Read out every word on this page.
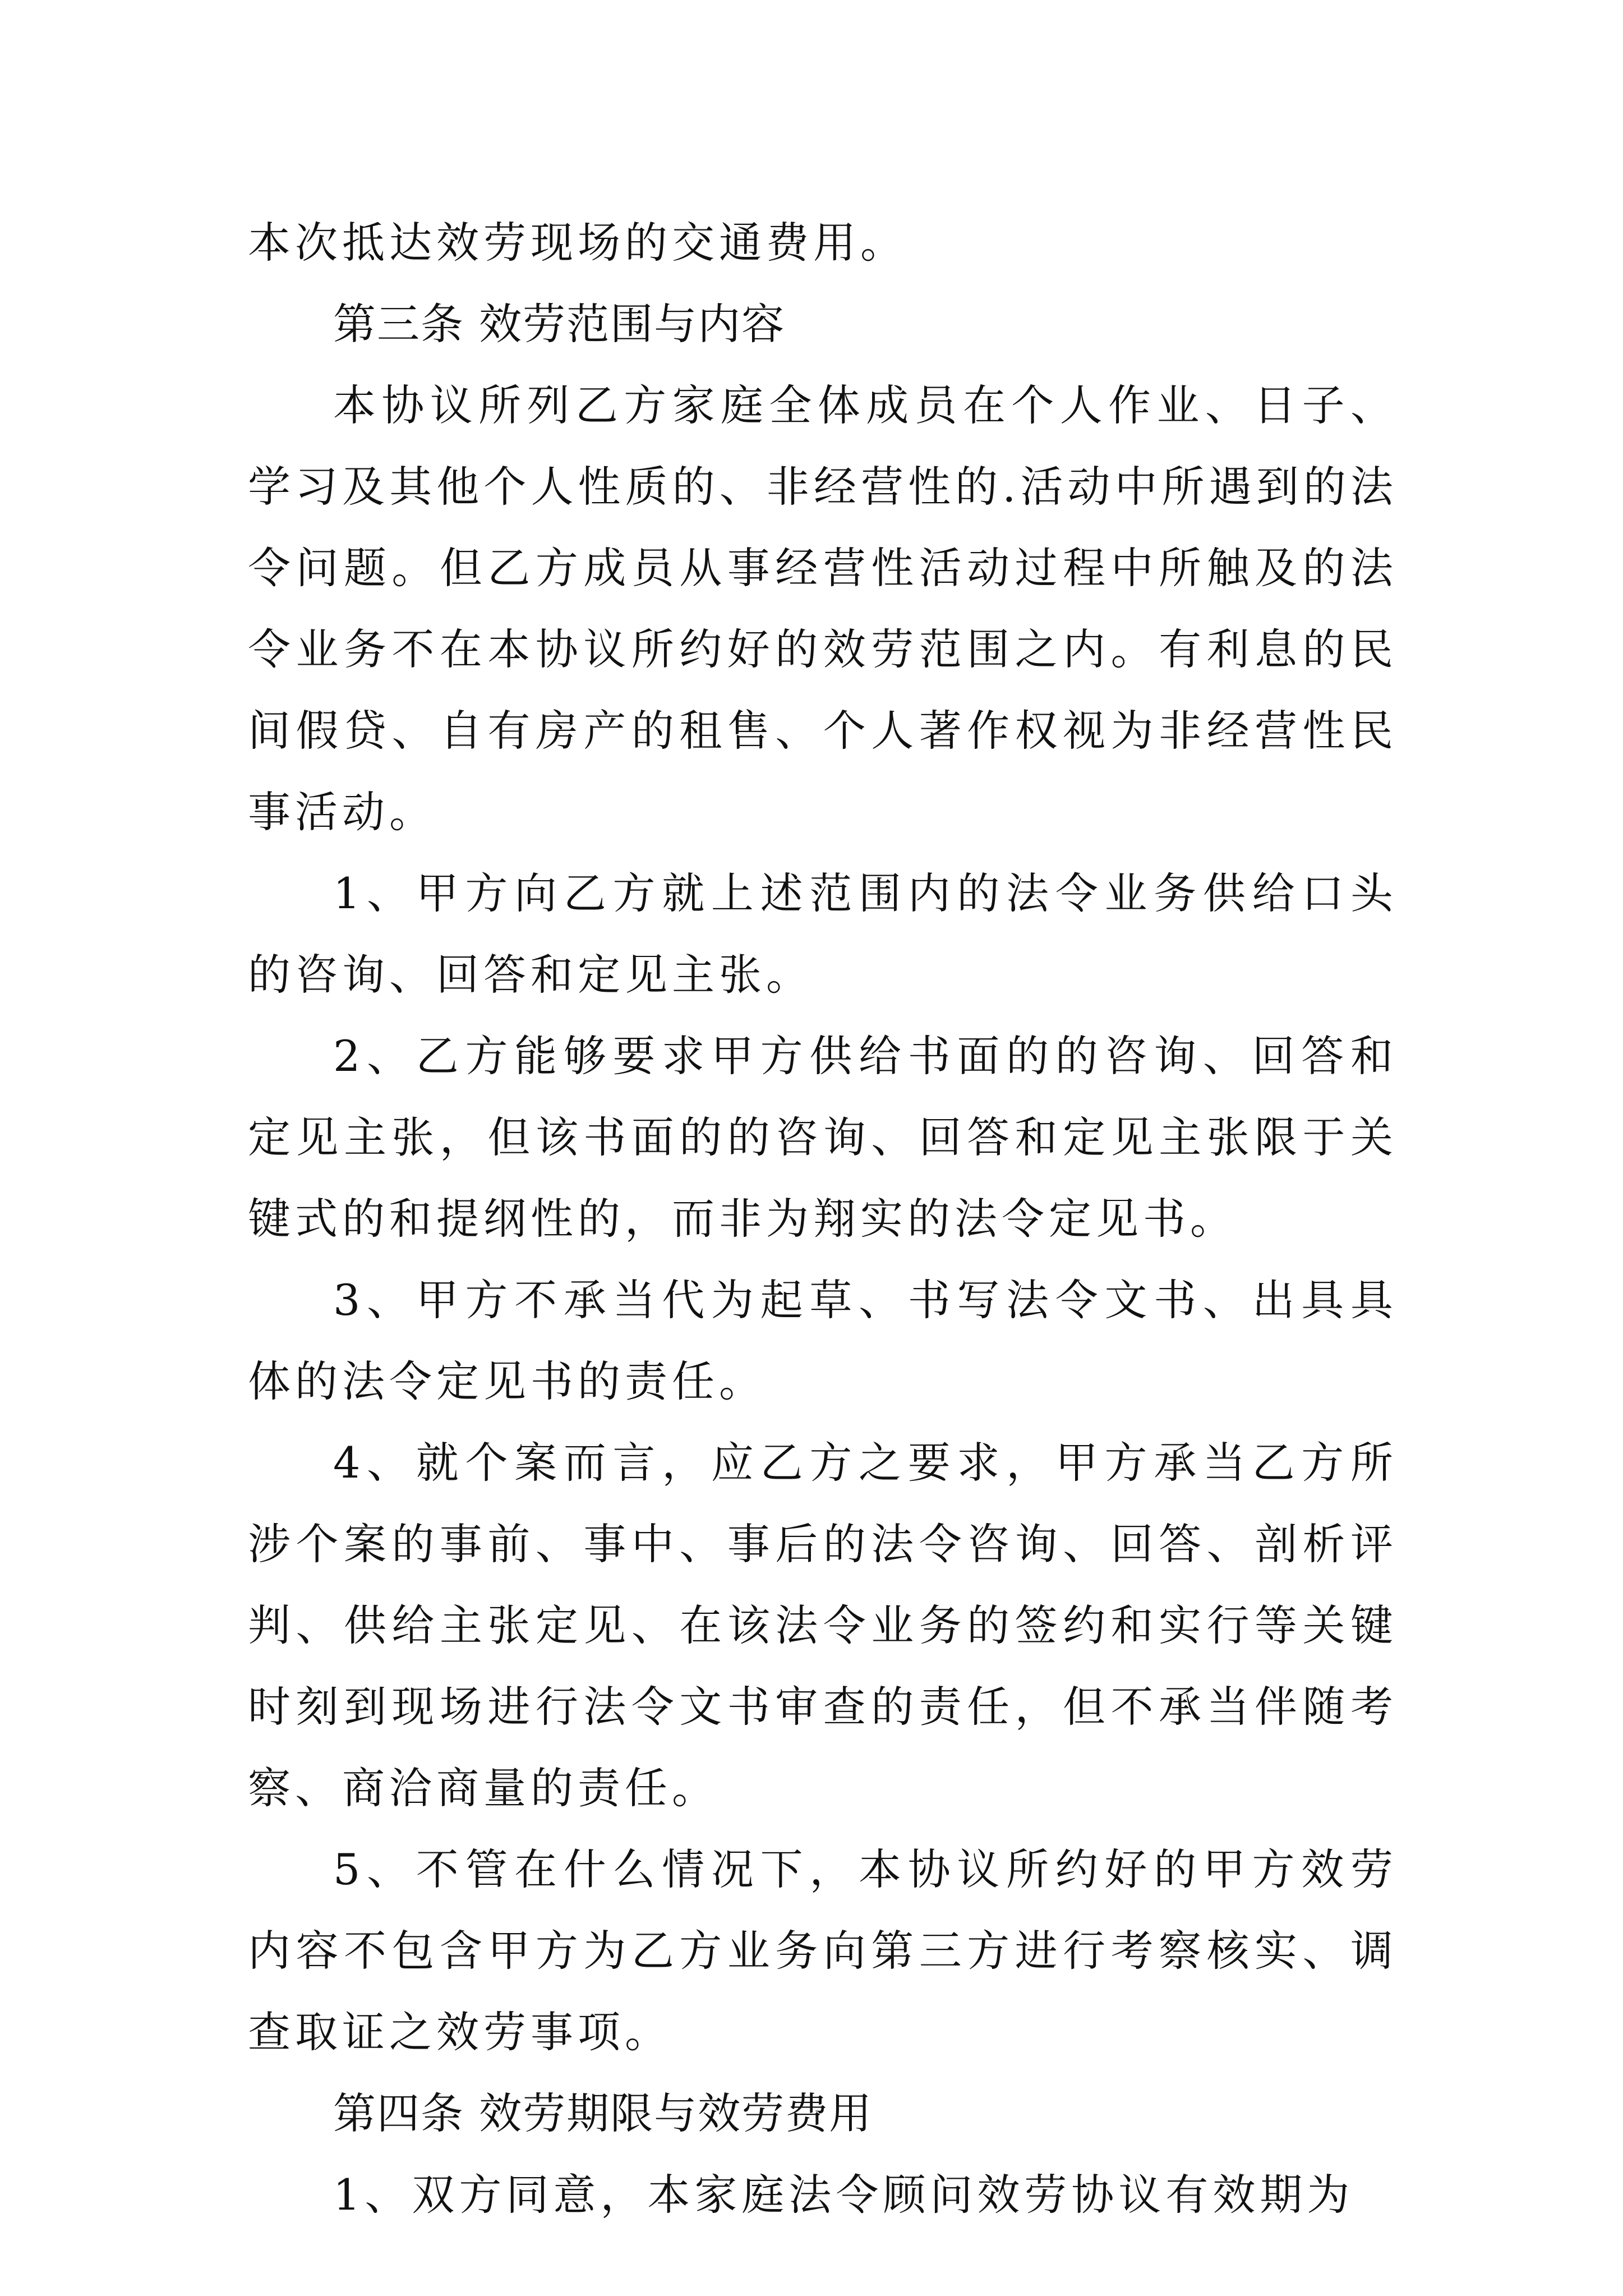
本次抵达效劳现场的交通费用。

第三条 效劳范围与内容

本协议所列乙方家庭全体成员在个人作业、日子、学习及其他个人性质的、非经营性的.活动中所遇到的法令问题。但乙方成员从事经营性活动过程中所触及的法令业务不在本协议所约好的效劳范围之内。有利息的民间假贷、自有房产的租售、个人著作权视为非经营性民事活动。

1、甲方向乙方就上述范围内的法令业务供给口头的咨询、回答和定见主张。

2、乙方能够要求甲方供给书面的的咨询、回答和定见主张，但该书面的的咨询、回答和定见主张限于关键式的和提纲性的，而非为翔实的法令定见书。

3、甲方不承当代为起草、书写法令文书、出具具体的法令定见书的责任。

4、就个案而言，应乙方之要求，甲方承当乙方所涉个案的事前、事中、事后的法令咨询、回答、剖析评判、供给主张定见、在该法令业务的签约和实行等关键时刻到现场进行法令文书审查的责任，但不承当伴随考察、商洽商量的责任。

5、不管在什么情况下，本协议所约好的甲方效劳内容不包含甲方为乙方业务向第三方进行考察核实、调查取证之效劳事项。

第四条 效劳期限与效劳费用

1、双方同意，本家庭法令顾问效劳协议有效期为
